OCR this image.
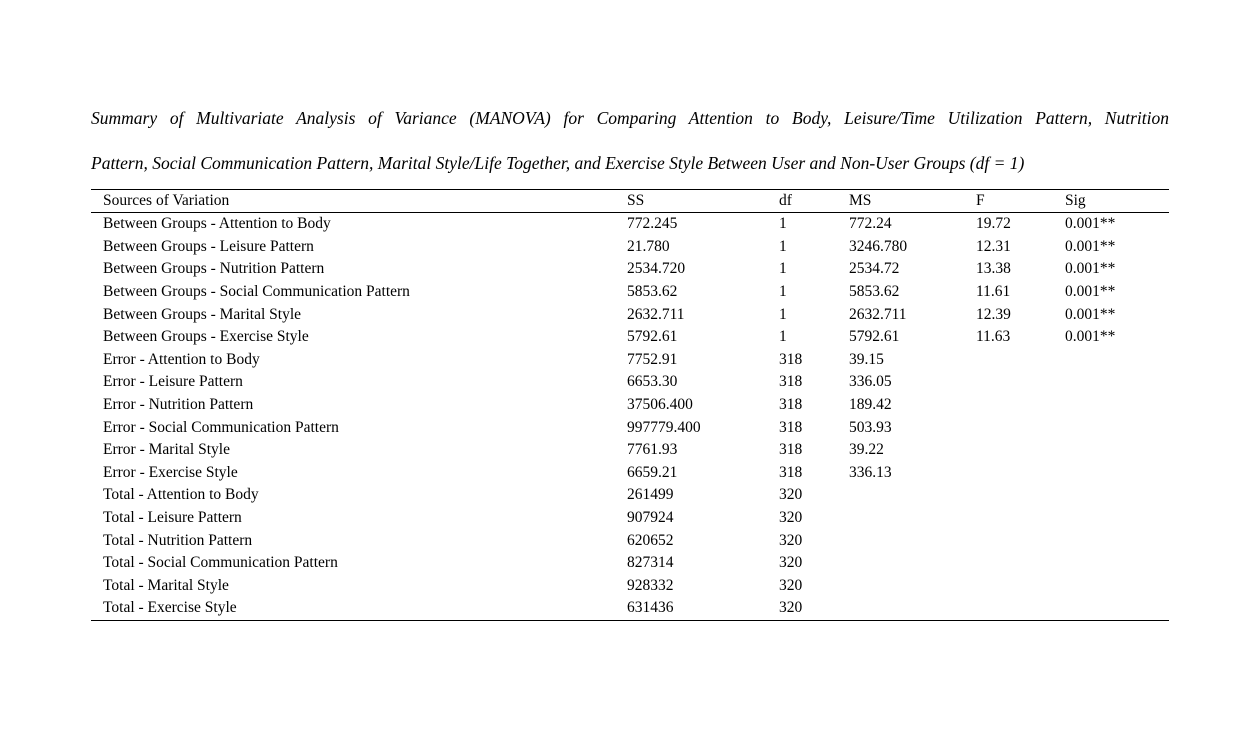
Summary of Multivariate Analysis of Variance (MANOVA) for Comparing Attention to Body, Leisure/Time Utilization Pattern, Nutrition
Pattern, Social Communication Pattern, Marital Style/Life Together, and Exercise Style Between User and Non-User Groups (df = 1)
Sources of Variation	SS	df	MS	F	Sig
Between Groups - Attention to Body	772.245	1	772.24	19.72	0.001**
Between Groups - Leisure Pattern	21.780	1	3246.780	12.31	0.001**
Between Groups - Nutrition Pattern	2534.720	1	2534.72	13.38	0.001**
Between Groups - Social Communication Pattern	5853.62	1	5853.62	11.61	0.001**
Between Groups - Marital Style	2632.711	1	2632.711	12.39	0.001**
Between Groups - Exercise Style	5792.61	1	5792.61	11.63	0.001**
Error - Attention to Body	7752.91	318	39.15		
Error - Leisure Pattern	6653.30	318	336.05		
Error - Nutrition Pattern	37506.400	318	189.42		
Error - Social Communication Pattern	997779.400	318	503.93		
Error - Marital Style	7761.93	318	39.22		
Error - Exercise Style	6659.21	318	336.13		
Total - Attention to Body	261499	320			
Total - Leisure Pattern	907924	320			
Total - Nutrition Pattern	620652	320			
Total - Social Communication Pattern	827314	320			
Total - Marital Style	928332	320			
Total - Exercise Style	631436	320			
